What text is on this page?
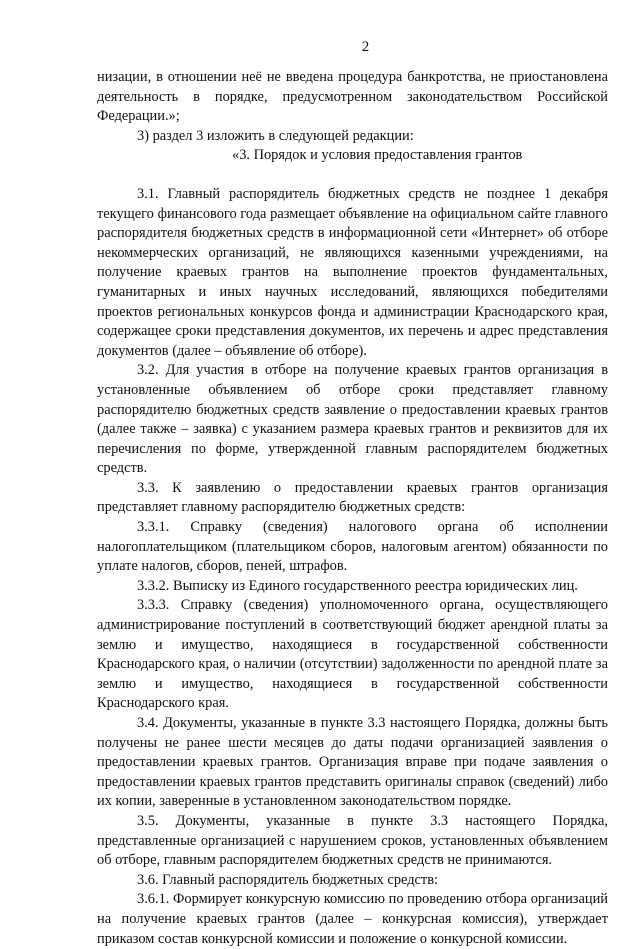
2

низации, в отношении неё не введена процедура банкротства, не приостановлена деятельность в порядке, предусмотренном законодательством Российской Федерации.»;

3) раздел 3 изложить в следующей редакции:

«3. Порядок и условия предоставления грантов

3.1. Главный распорядитель бюджетных средств не позднее 1 декабря текущего финансового года размещает объявление на официальном сайте главного распорядителя бюджетных средств в информационной сети «Интернет» об отборе некоммерческих организаций, не являющихся казенными учреждениями, на получение краевых грантов на выполнение проектов фундаментальных, гуманитарных и иных научных исследований, являющихся победителями проектов региональных конкурсов фонда и администрации Краснодарского края, содержащее сроки представления документов, их перечень и адрес представления документов (далее – объявление об отборе).

3.2. Для участия в отборе на получение краевых грантов организация в установленные объявлением об отборе сроки представляет главному распорядителю бюджетных средств заявление о предоставлении краевых грантов (далее также – заявка) с указанием размера краевых грантов и реквизитов для их перечисления по форме, утвержденной главным распорядителем бюджетных средств.

3.3. К заявлению о предоставлении краевых грантов организация представляет главному распорядителю бюджетных средств:

3.3.1. Справку (сведения) налогового органа об исполнении налогоплательщиком (плательщиком сборов, налоговым агентом) обязанности по уплате налогов, сборов, пеней, штрафов.

3.3.2. Выписку из Единого государственного реестра юридических лиц.

3.3.3. Справку (сведения) уполномоченного органа, осуществляющего администрирование поступлений в соответствующий бюджет арендной платы за землю и имущество, находящиеся в государственной собственности Краснодарского края, о наличии (отсутствии) задолженности по арендной плате за землю и имущество, находящиеся в государственной собственности Краснодарского края.

3.4. Документы, указанные в пункте 3.3 настоящего Порядка, должны быть получены не ранее шести месяцев до даты подачи организацией заявления о предоставлении краевых грантов. Организация вправе при подаче заявления о предоставлении краевых грантов представить оригиналы справок (сведений) либо их копии, заверенные в установленном законодательством порядке.

3.5. Документы, указанные в пункте 3.3 настоящего Порядка, представленные организацией с нарушением сроков, установленных объявлением об отборе, главным распорядителем бюджетных средств не принимаются.

3.6. Главный распорядитель бюджетных средств:

3.6.1. Формирует конкурсную комиссию по проведению отбора организаций на получение краевых грантов (далее – конкурсная комиссия), утверждает приказом состав конкурсной комиссии и положение о конкурсной комиссии.
